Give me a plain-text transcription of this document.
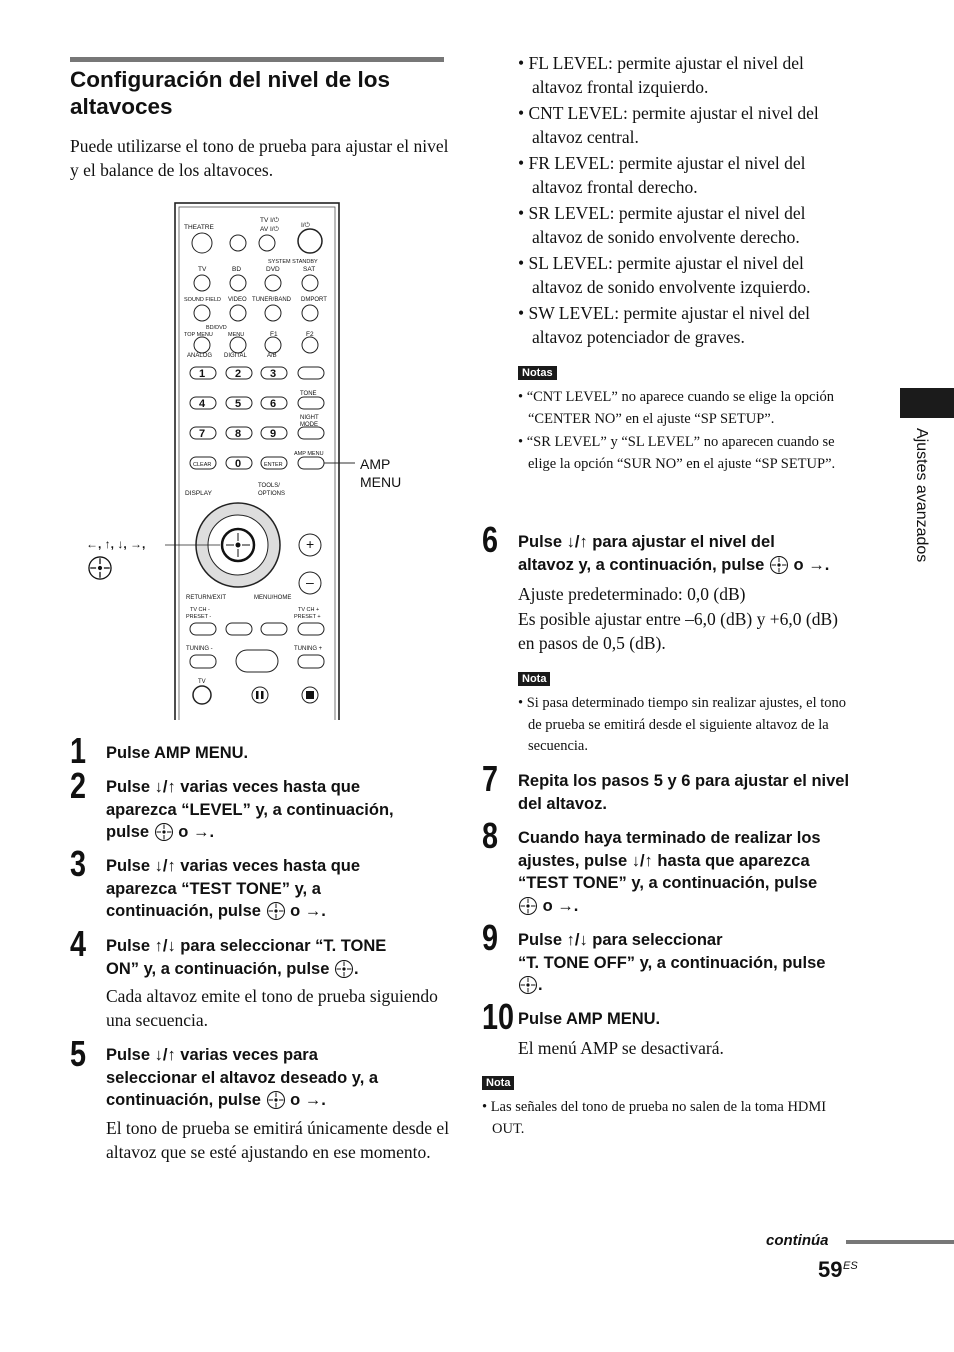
Configuración del nivel de los altavoces
Puede utilizarse el tono de prueba para ajustar el nivel y el balance de los altavoces.
THEATRE
TV I/⏻
AV I/⏻
I/⏻
SYSTEM STANDBY
TV	BD	DVD	SAT
SOUND FIELD VIDEO TUNER/BAND DMPORT
BD/DVD
TOP MENU	MENU	F1	F2
ANALOG DIGITAL	A/B
1	2	3
4	5	6
7	8	9
0
TONE
NIGHT
MODE
CLEAR	ENTER
AMP MENU
DISPLAY
TOOLS/
OPTIONS
+
–
RETURN/EXIT	MENU/HOME
TV CH -
PRESET -
TV CH +
PRESET +
TUNING -	TUNING +
TV
AMP
MENU
←, ↑, ↓, →,
1 Pulse AMP MENU.
2 Pulse ↓/↑ varias veces hasta que
aparezca “LEVEL” y, a continuación,
pulse o →.
3 Pulse ↓/↑ varias veces hasta que
aparezca “TEST TONE” y, a
continuación, pulse o →.
4 Pulse ↑/↓ para seleccionar “T. TONE
ON” y, a continuación, pulse .
Cada altavoz emite el tono de prueba siguiendo una secuencia.
5 Pulse ↓/↑ varias veces para
seleccionar el altavoz deseado y, a
continuación, pulse o →.
El tono de prueba se emitirá únicamente desde el altavoz que se esté ajustando en ese momento.
• FL LEVEL: permite ajustar el nivel del altavoz frontal izquierdo.
• CNT LEVEL: permite ajustar el nivel del altavoz central.
• FR LEVEL: permite ajustar el nivel del altavoz frontal derecho.
• SR LEVEL: permite ajustar el nivel del altavoz de sonido envolvente derecho.
• SL LEVEL: permite ajustar el nivel del altavoz de sonido envolvente izquierdo.
• SW LEVEL: permite ajustar el nivel del altavoz potenciador de graves.
Notas
• “CNT LEVEL” no aparece cuando se elige la opción “CENTER NO” en el ajuste “SP SETUP”.
• “SR LEVEL” y “SL LEVEL” no aparecen cuando se elige la opción “SUR NO” en el ajuste “SP SETUP”.
6 Pulse ↓/↑ para ajustar el nivel del
altavoz y, a continuación, pulse o →.
Ajuste predeterminado: 0,0 (dB)
Es posible ajustar entre –6,0 (dB) y +6,0 (dB) en pasos de 0,5 (dB).
Nota
• Si pasa determinado tiempo sin realizar ajustes, el tono de prueba se emitirá desde el siguiente altavoz de la secuencia.
7 Repita los pasos 5 y 6 para ajustar el nivel del altavoz.
8 Cuando haya terminado de realizar los
ajustes, pulse ↓/↑ hasta que aparezca
“TEST TONE” y, a continuación, pulse
o →.
9 Pulse ↑/↓ para seleccionar
“T. TONE OFF” y, a continuación, pulse
.
10 Pulse AMP MENU.
El menú AMP se desactivará.
Nota
• Las señales del tono de prueba no salen de la toma HDMI OUT.
Ajustes avanzados
continúa
59 ES
